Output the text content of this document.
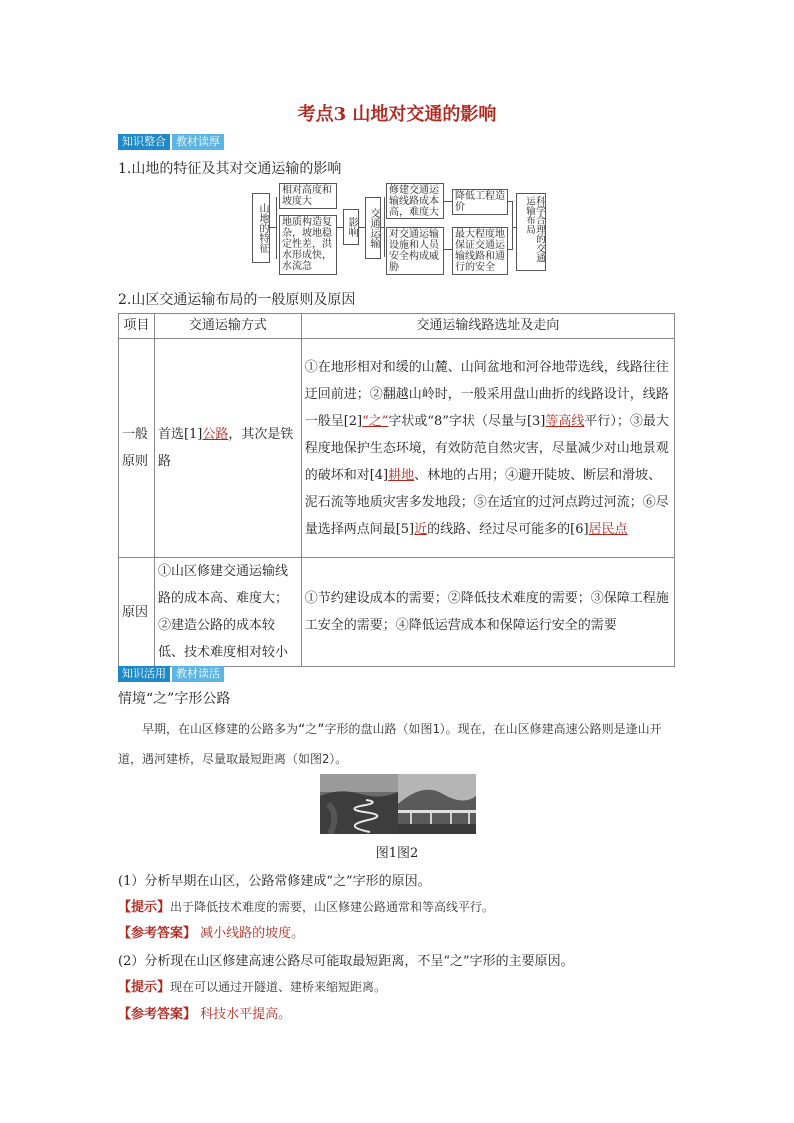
考点3 山地对交通的影响
知识整合 教材读厚
1.山地的特征及其对交通运输的影响
山地的特征
相对高度和坡度大
地质构造复杂，坡地稳定性差，洪水形成快，水流急
影响	交通运输
修建交通运输线路成本高，难度大
对交通运输设施和人员安全构成威胁
降低工程造价
最大程度地保证交通运输线路和通行的安全
科学合理的交通运输布局
2.山区交通运输布局的一般原则及原因
项目	交通运输方式	交通运输线路选址及走向
一般原则	首选[1]公路，其次是铁路	①在地形相对和缓的山麓、山间盆地和河谷地带选线，线路往往迂回前进；②翻越山岭时，一般采用盘山曲折的线路设计，线路一般呈[2]“之”字状或“8”字状（尽量与[3]等高线平行）；③最大程度地保护生态环境，有效防范自然灾害，尽量减少对山地景观的破坏和对[4]耕地、林地的占用；④避开陡坡、断层和滑坡、泥石流等地质灾害多发地段；⑤在适宜的过河点跨过河流；⑥尽量选择两点间最[5]近的线路、经过尽可能多的[6]居民点
原因	①山区修建交通运输线路的成本高、难度大；②建造公路的成本较低、技术难度相对较小	①节约建设成本的需要；②降低技术难度的需要；③保障工程施工安全的需要；④降低运营成本和保障运行安全的需要
知识活用 教材读活
情境“之”字形公路
早期，在山区修建的公路多为“之”字形的盘山路（如图1）。现在，在山区修建高速公路则是逢山开道，遇河建桥，尽量取最短距离（如图2）。
图1图2
(1）分析早期在山区，公路常修建成“之”字形的原因。
【提示】出于降低技术难度的需要，山区修建公路通常和等高线平行。
【参考答案】 减小线路的坡度。
(2）分析现在山区修建高速公路尽可能取最短距离，不呈“之”字形的主要原因。
【提示】现在可以通过开隧道、建桥来缩短距离。
【参考答案】 科技水平提高。
